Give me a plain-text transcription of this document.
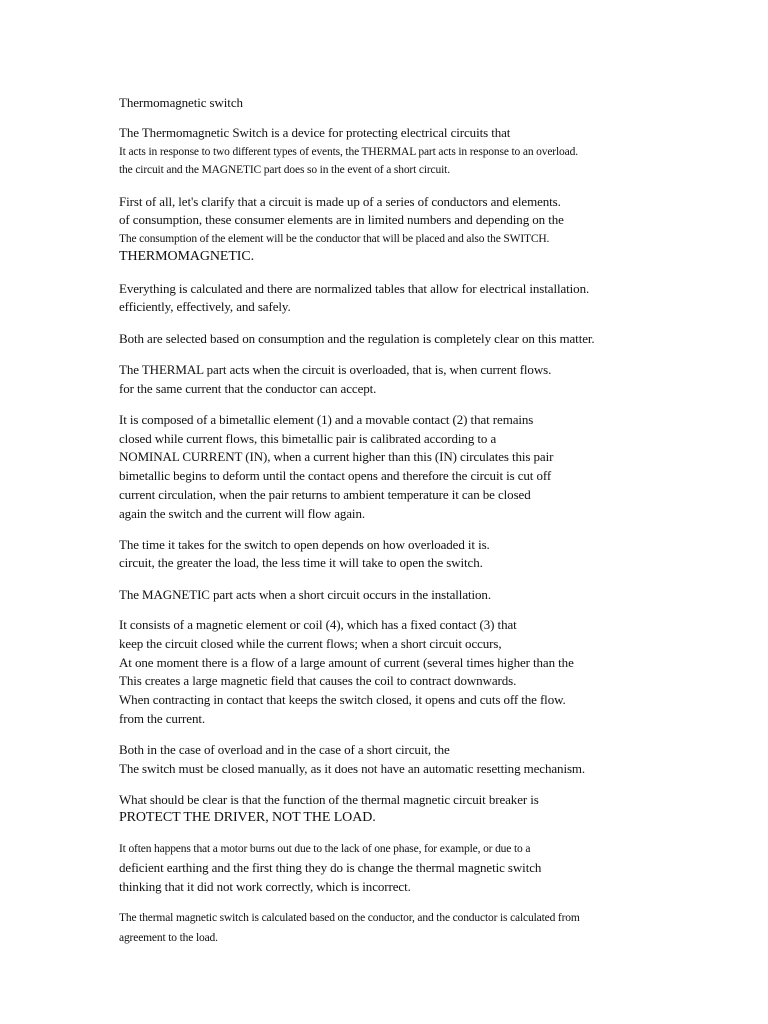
Thermomagnetic switch
The Thermomagnetic Switch is a device for protecting electrical circuits that
It acts in response to two different types of events, the THERMAL part acts in response to an overload.
the circuit and the MAGNETIC part does so in the event of a short circuit.
First of all, let's clarify that a circuit is made up of a series of conductors and elements.
of consumption, these consumer elements are in limited numbers and depending on the
The consumption of the element will be the conductor that will be placed and also the SWITCH.
THERMOMAGNETIC.
Everything is calculated and there are normalized tables that allow for electrical installation.
efficiently, effectively, and safely.
Both are selected based on consumption and the regulation is completely clear on this matter.
The THERMAL part acts when the circuit is overloaded, that is, when current flows.
for the same current that the conductor can accept.
It is composed of a bimetallic element (1) and a movable contact (2) that remains
closed while current flows, this bimetallic pair is calibrated according to a
NOMINAL CURRENT (IN), when a current higher than this (IN) circulates this pair
bimetallic begins to deform until the contact opens and therefore the circuit is cut off
current circulation, when the pair returns to ambient temperature it can be closed
again the switch and the current will flow again.
The time it takes for the switch to open depends on how overloaded it is.
circuit, the greater the load, the less time it will take to open the switch.
The MAGNETIC part acts when a short circuit occurs in the installation.
It consists of a magnetic element or coil (4), which has a fixed contact (3) that
keep the circuit closed while the current flows; when a short circuit occurs,
At one moment there is a flow of a large amount of current (several times higher than the
This creates a large magnetic field that causes the coil to contract downwards.
When contracting in contact that keeps the switch closed, it opens and cuts off the flow.
from the current.
Both in the case of overload and in the case of a short circuit, the
The switch must be closed manually, as it does not have an automatic resetting mechanism.
What should be clear is that the function of the thermal magnetic circuit breaker is
PROTECT THE DRIVER, NOT THE LOAD.
It often happens that a motor burns out due to the lack of one phase, for example, or due to a
deficient earthing and the first thing they do is change the thermal magnetic switch
thinking that it did not work correctly, which is incorrect.
The thermal magnetic switch is calculated based on the conductor, and the conductor is calculated from
agreement to the load.
